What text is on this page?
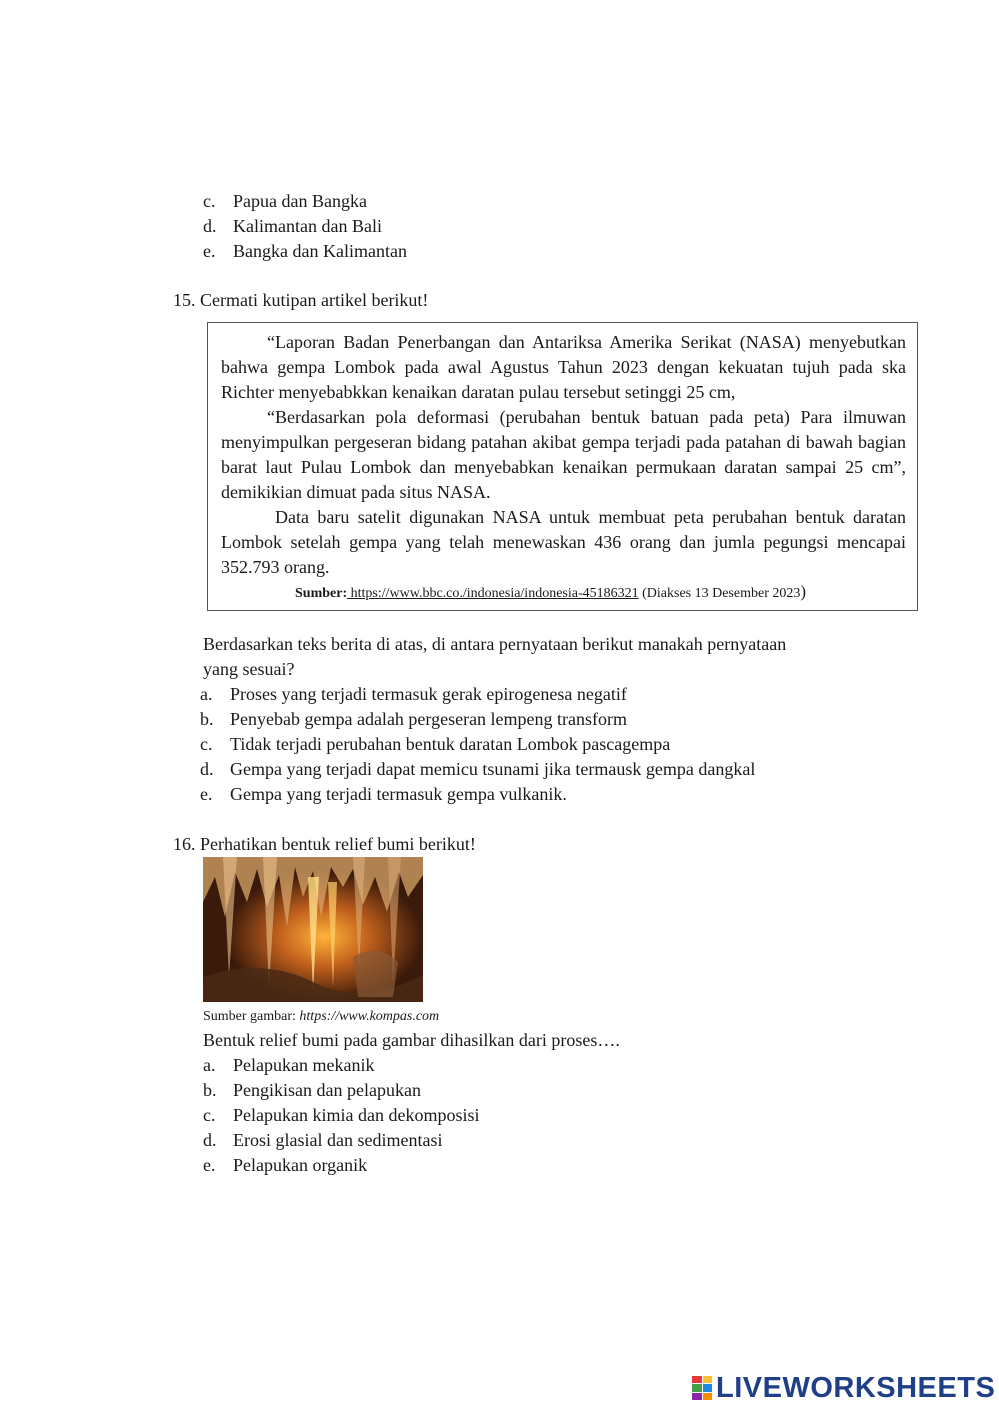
c. Papua dan Bangka
d. Kalimantan dan Bali
e. Bangka dan Kalimantan
15. Cermati kutipan artikel berikut!
“Laporan Badan Penerbangan dan Antariksa Amerika Serikat (NASA) menyebutkan bahwa gempa Lombok pada awal Agustus Tahun 2023 dengan kekuatan tujuh pada ska Richter menyebabkkan kenaikan daratan pulau tersebut setinggi 25 cm,
“Berdasarkan pola deformasi (perubahan bentuk batuan pada peta) Para ilmuwan menyimpulkan pergeseran bidang patahan akibat gempa terjadi pada patahan di bawah bagian barat laut Pulau Lombok dan menyebabkan kenaikan permukaan daratan sampai 25 cm”, demikikian dimuat pada situs NASA.
Data baru satelit digunakan NASA untuk membuat peta perubahan bentuk daratan Lombok setelah gempa yang telah menewaskan 436 orang dan jumla pegungsi mencapai 352.793 orang.
Sumber: https://www.bbc.co./indonesia/indonesia-45186321 (Diakses 13 Desember 2023)
Berdasarkan teks berita di atas, di antara pernyataan berikut manakah pernyataan
yang sesuai?
a. Proses yang terjadi termasuk gerak epirogenesa negatif
b. Penyebab gempa adalah pergeseran lempeng transform
c. Tidak terjadi perubahan bentuk daratan Lombok pascagempa
d. Gempa yang terjadi dapat memicu tsunami jika termausk gempa dangkal
e. Gempa yang terjadi termasuk gempa vulkanik.
16. Perhatikan bentuk relief bumi berikut!
Sumber gambar: https://www.kompas.com
Bentuk relief bumi pada gambar dihasilkan dari proses….
a. Pelapukan mekanik
b. Pengikisan dan pelapukan
c. Pelapukan kimia dan dekomposisi
d. Erosi glasial dan sedimentasi
e. Pelapukan organik
LIVEWORKSHEETS
